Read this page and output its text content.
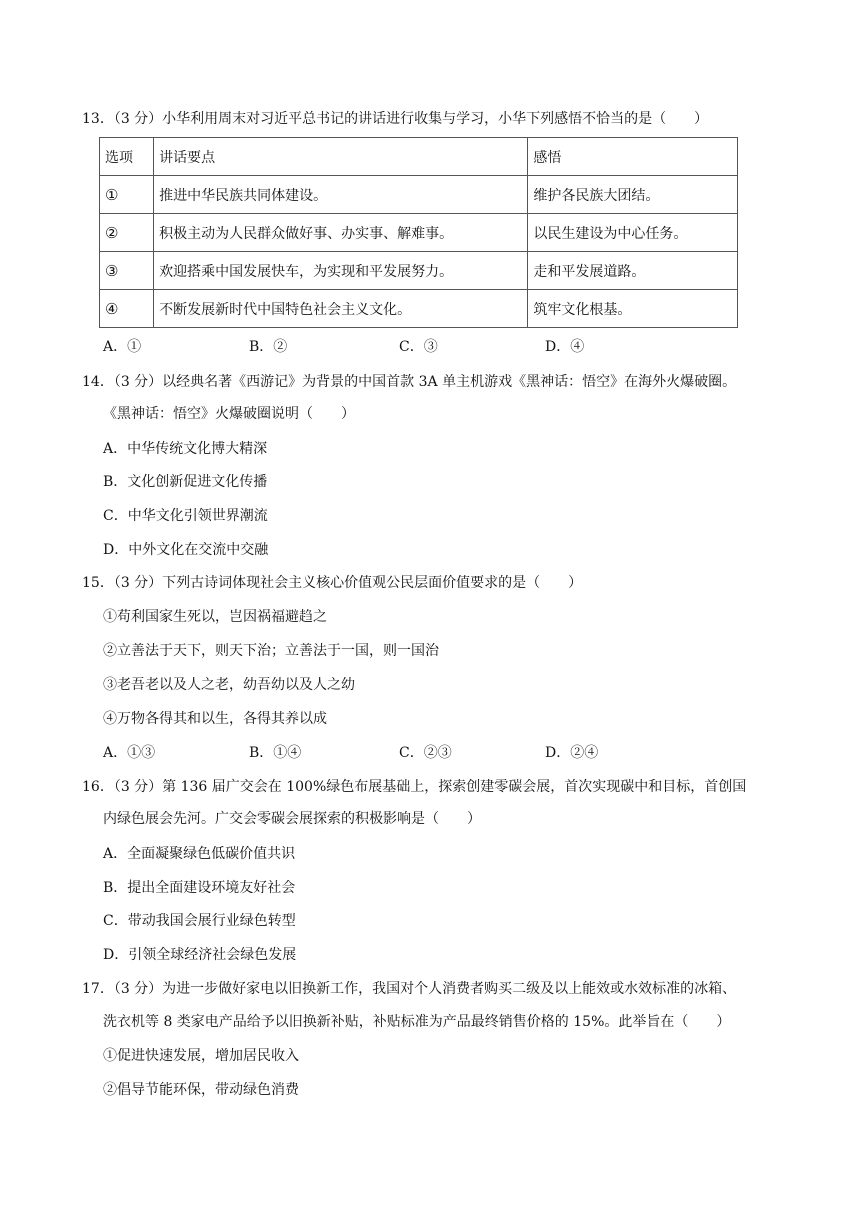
13．（3 分）小华利用周末对习近平总书记的讲话进行收集与学习，小华下列感悟不恰当的是（　　）
选项	讲话要点	感悟
①	推进中华民族共同体建设。	维护各民族大团结。
②	积极主动为人民群众做好事、办实事、解难事。	以民生建设为中心任务。
③	欢迎搭乘中国发展快车，为实现和平发展努力。	走和平发展道路。
④	不断发展新时代中国特色社会主义文化。	筑牢文化根基。
A．①	B．②	C．③	D．④
14．（3 分）以经典名著《西游记》为背景的中国首款 3A 单主机游戏《黑神话：悟空》在海外火爆破圈。
《黑神话：悟空》火爆破圈说明（　　）
A．中华传统文化博大精深
B．文化创新促进文化传播
C．中华文化引领世界潮流
D．中外文化在交流中交融
15．（3 分）下列古诗词体现社会主义核心价值观公民层面价值要求的是（　　）
①苟利国家生死以，岂因祸福避趋之
②立善法于天下，则天下治；立善法于一国，则一国治
③老吾老以及人之老，幼吾幼以及人之幼
④万物各得其和以生，各得其养以成
A．①③	B．①④	C．②③	D．②④
16．（3 分）第 136 届广交会在 100%绿色布展基础上，探索创建零碳会展，首次实现碳中和目标，首创国
内绿色展会先河。广交会零碳会展探索的积极影响是（　　）
A．全面凝聚绿色低碳价值共识
B．提出全面建设环境友好社会
C．带动我国会展行业绿色转型
D．引领全球经济社会绿色发展
17．（3 分）为进一步做好家电以旧换新工作，我国对个人消费者购买二级及以上能效或水效标准的冰箱、
洗衣机等 8 类家电产品给予以旧换新补贴，补贴标准为产品最终销售价格的 15%。此举旨在（　　）
①促进快速发展，增加居民收入
②倡导节能环保，带动绿色消费
